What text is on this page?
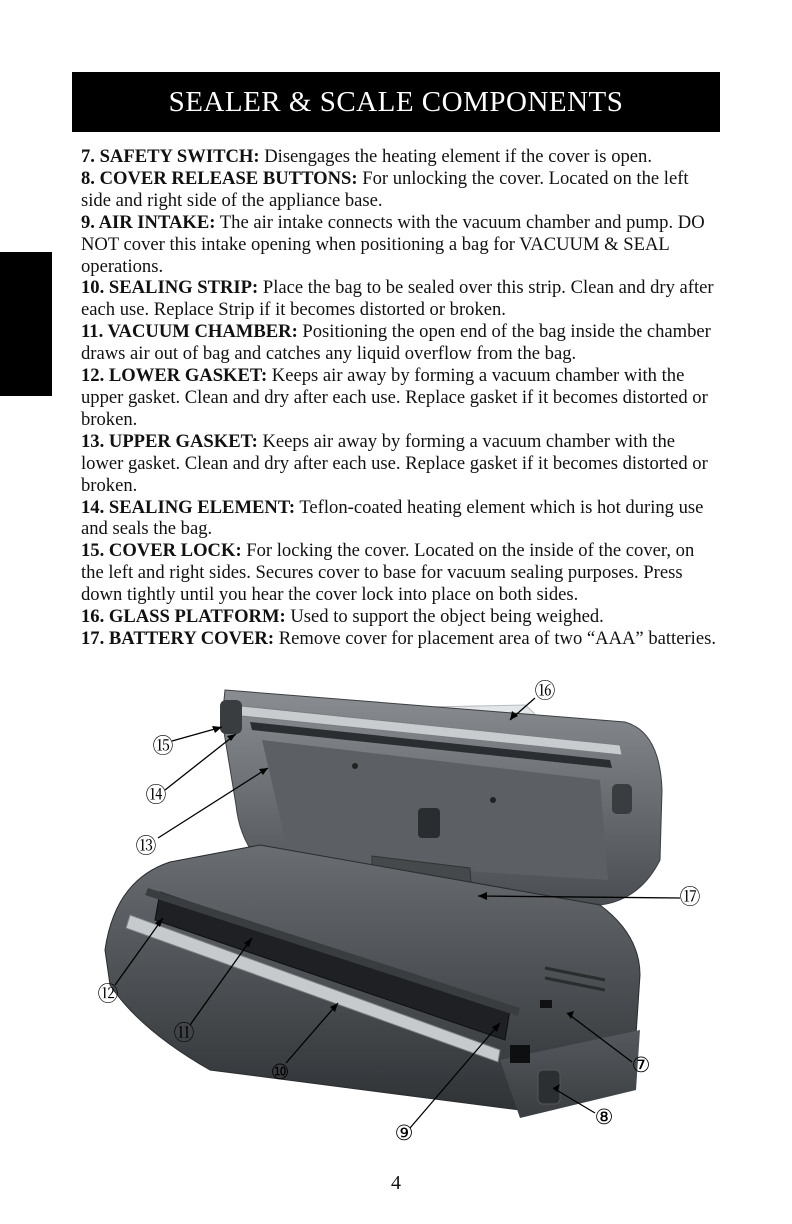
SEALER & SCALE COMPONENTS

7. SAFETY SWITCH: Disengages the heating element if the cover is open.

8. COVER RELEASE BUTTONS: For unlocking the cover. Located on the left side and right side of the appliance base.

9. AIR INTAKE: The air intake connects with the vacuum chamber and pump. DO NOT cover this intake opening when positioning a bag for VACUUM & SEAL operations.

10. SEALING STRIP: Place the bag to be sealed over this strip. Clean and dry after each use. Replace Strip if it becomes distorted or broken.

11. VACUUM CHAMBER: Positioning the open end of the bag inside the chamber draws air out of bag and catches any liquid overflow from the bag.

12. LOWER GASKET: Keeps air away by forming a vacuum chamber with the upper gasket. Clean and dry after each use. Replace gasket if it becomes distorted or broken.

13. UPPER GASKET: Keeps air away by forming a vacuum chamber with the lower gasket. Clean and dry after each use. Replace gasket if it becomes distorted or broken.

14. SEALING ELEMENT: Teflon-coated heating element which is hot during use and seals the bag.

15. COVER LOCK: For locking the cover. Located on the inside of the cover, on the left and right sides. Secures cover to base for vacuum sealing purposes. Press down tightly until you hear the cover lock into place on both sides.

16. GLASS PLATFORM: Used to support the object being weighed.

17. BATTERY COVER: Remove cover for placement area of two “AAA” batteries.

⑮
⑭
⑬
⑫
⑪
⑩
⑨
⑧
⑦
⑯
⑰
4
